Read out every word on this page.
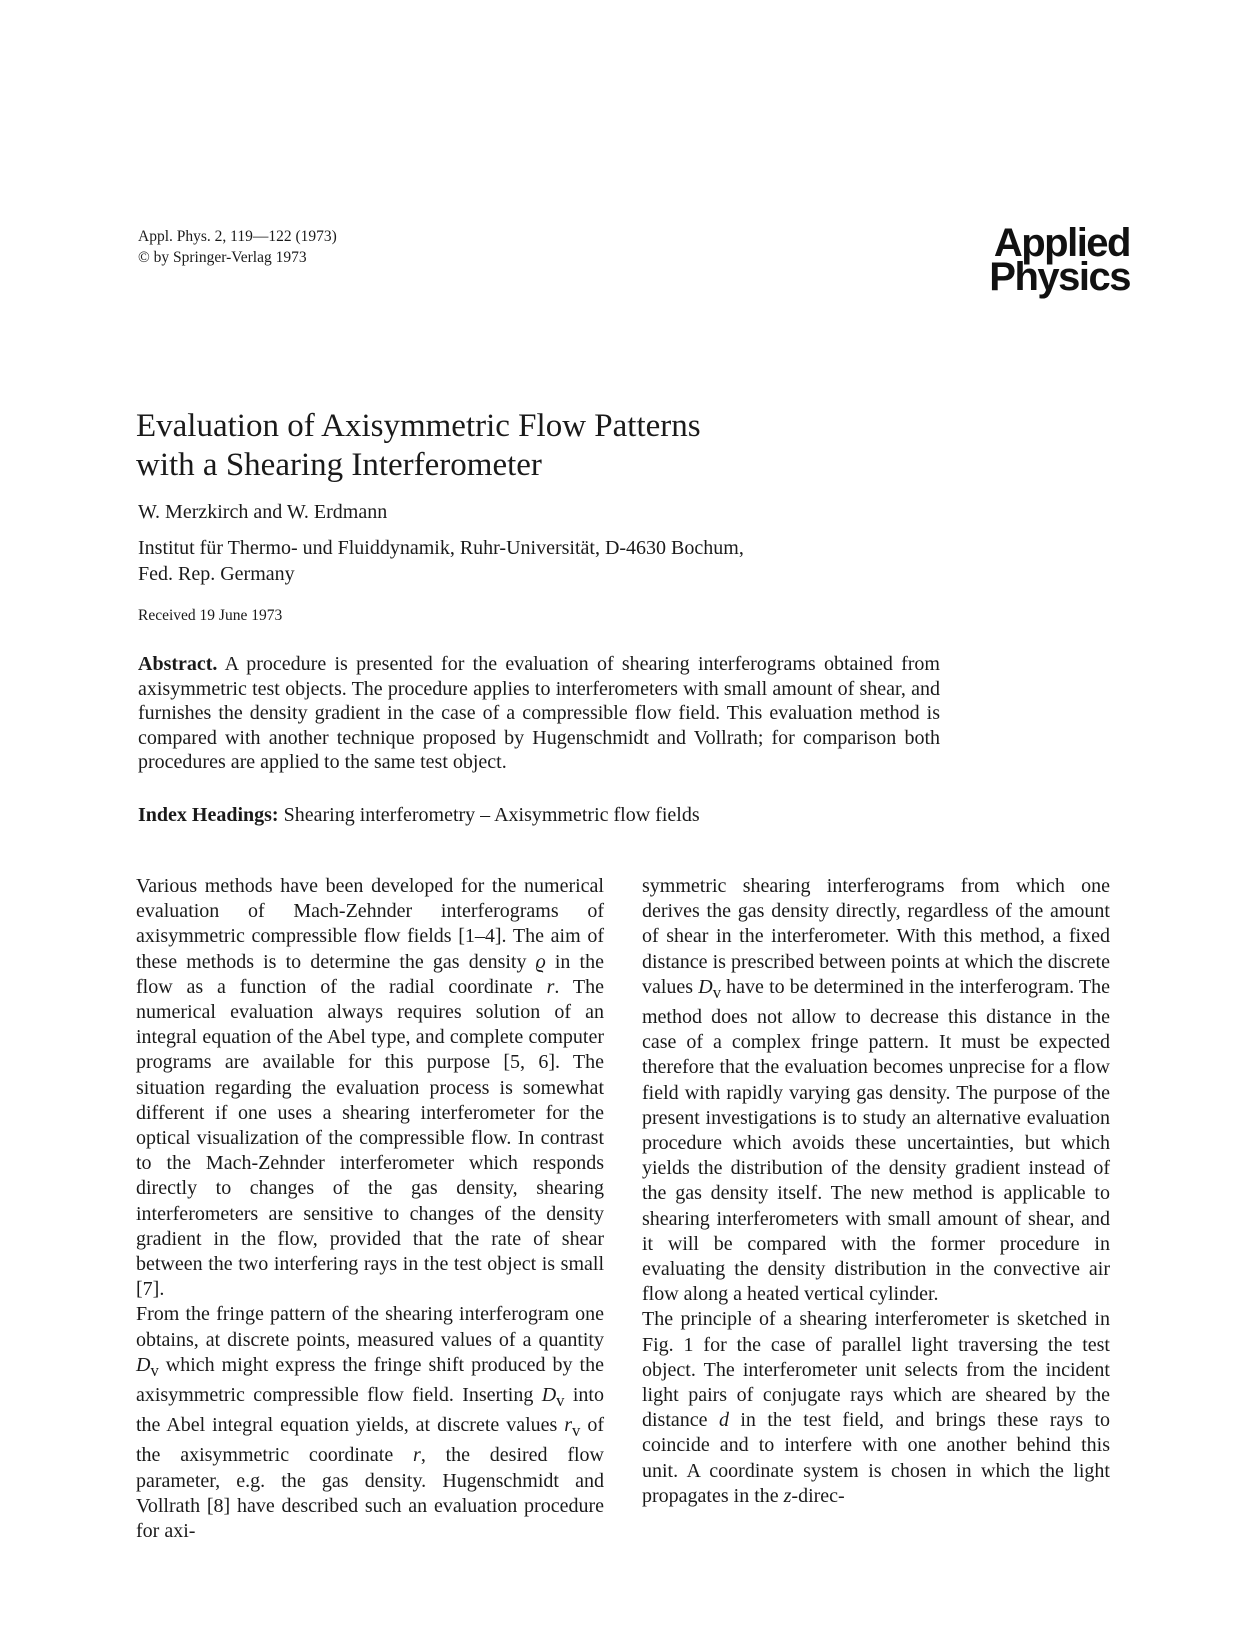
Appl. Phys. 2, 119—122 (1973)
© by Springer-Verlag 1973	Applied
Physics
Evaluation of Axisymmetric Flow Patterns
with a Shearing Interferometer
W. Merzkirch and W. Erdmann
Institut für Thermo- und Fluiddynamik, Ruhr-Universität, D-4630 Bochum,
Fed. Rep. Germany
Received 19 June 1973
Abstract. A procedure is presented for the evaluation of shearing interferograms obtained from axisymmetric test objects. The procedure applies to interferometers with small amount of shear, and furnishes the density gradient in the case of a compressible flow field. This evaluation method is compared with another technique proposed by Hugenschmidt and Vollrath; for comparison both procedures are applied to the same test object.
Index Headings: Shearing interferometry – Axisymmetric flow fields

Various methods have been developed for the numerical evaluation of Mach-Zehnder interferograms of axisymmetric compressible flow fields [1–4]. The aim of these methods is to determine the gas density ϱ in the flow as a function of the radial coordinate r. The numerical evaluation always requires solution of an integral equation of the Abel type, and complete computer programs are available for this purpose [5, 6]. The situation regarding the evaluation process is somewhat different if one uses a shearing interferometer for the optical visualization of the compressible flow. In contrast to the Mach-Zehnder interferometer which responds directly to changes of the gas density, shearing interferometers are sensitive to changes of the density gradient in the flow, provided that the rate of shear between the two interfering rays in the test object is small [7].

From the fringe pattern of the shearing interferogram one obtains, at discrete points, measured values of a quantity $D_v$ which might express the fringe shift produced by the axisymmetric compressible flow field. Inserting $D_v$ into the Abel integral equation yields, at discrete values $r_v$ of the axisymmetric coordinate r, the desired flow parameter, e.g. the gas density. Hugenschmidt and Vollrath [8] have described such an evaluation procedure for axi-

symmetric shearing interferograms from which one derives the gas density directly, regardless of the amount of shear in the interferometer. With this method, a fixed distance is prescribed between points at which the discrete values $D_v$ have to be determined in the interferogram. The method does not allow to decrease this distance in the case of a complex fringe pattern. It must be expected therefore that the evaluation becomes unprecise for a flow field with rapidly varying gas density. The purpose of the present investigations is to study an alternative evaluation procedure which avoids these uncertainties, but which yields the distribution of the density gradient instead of the gas density itself. The new method is applicable to shearing interferometers with small amount of shear, and it will be compared with the former procedure in evaluating the density distribution in the convective air flow along a heated vertical cylinder.

The principle of a shearing interferometer is sketched in Fig. 1 for the case of parallel light traversing the test object. The interferometer unit selects from the incident light pairs of conjugate rays which are sheared by the distance d in the test field, and brings these rays to coincide and to interfere with one another behind this unit. A coordinate system is chosen in which the light propagates in the z-direc-
